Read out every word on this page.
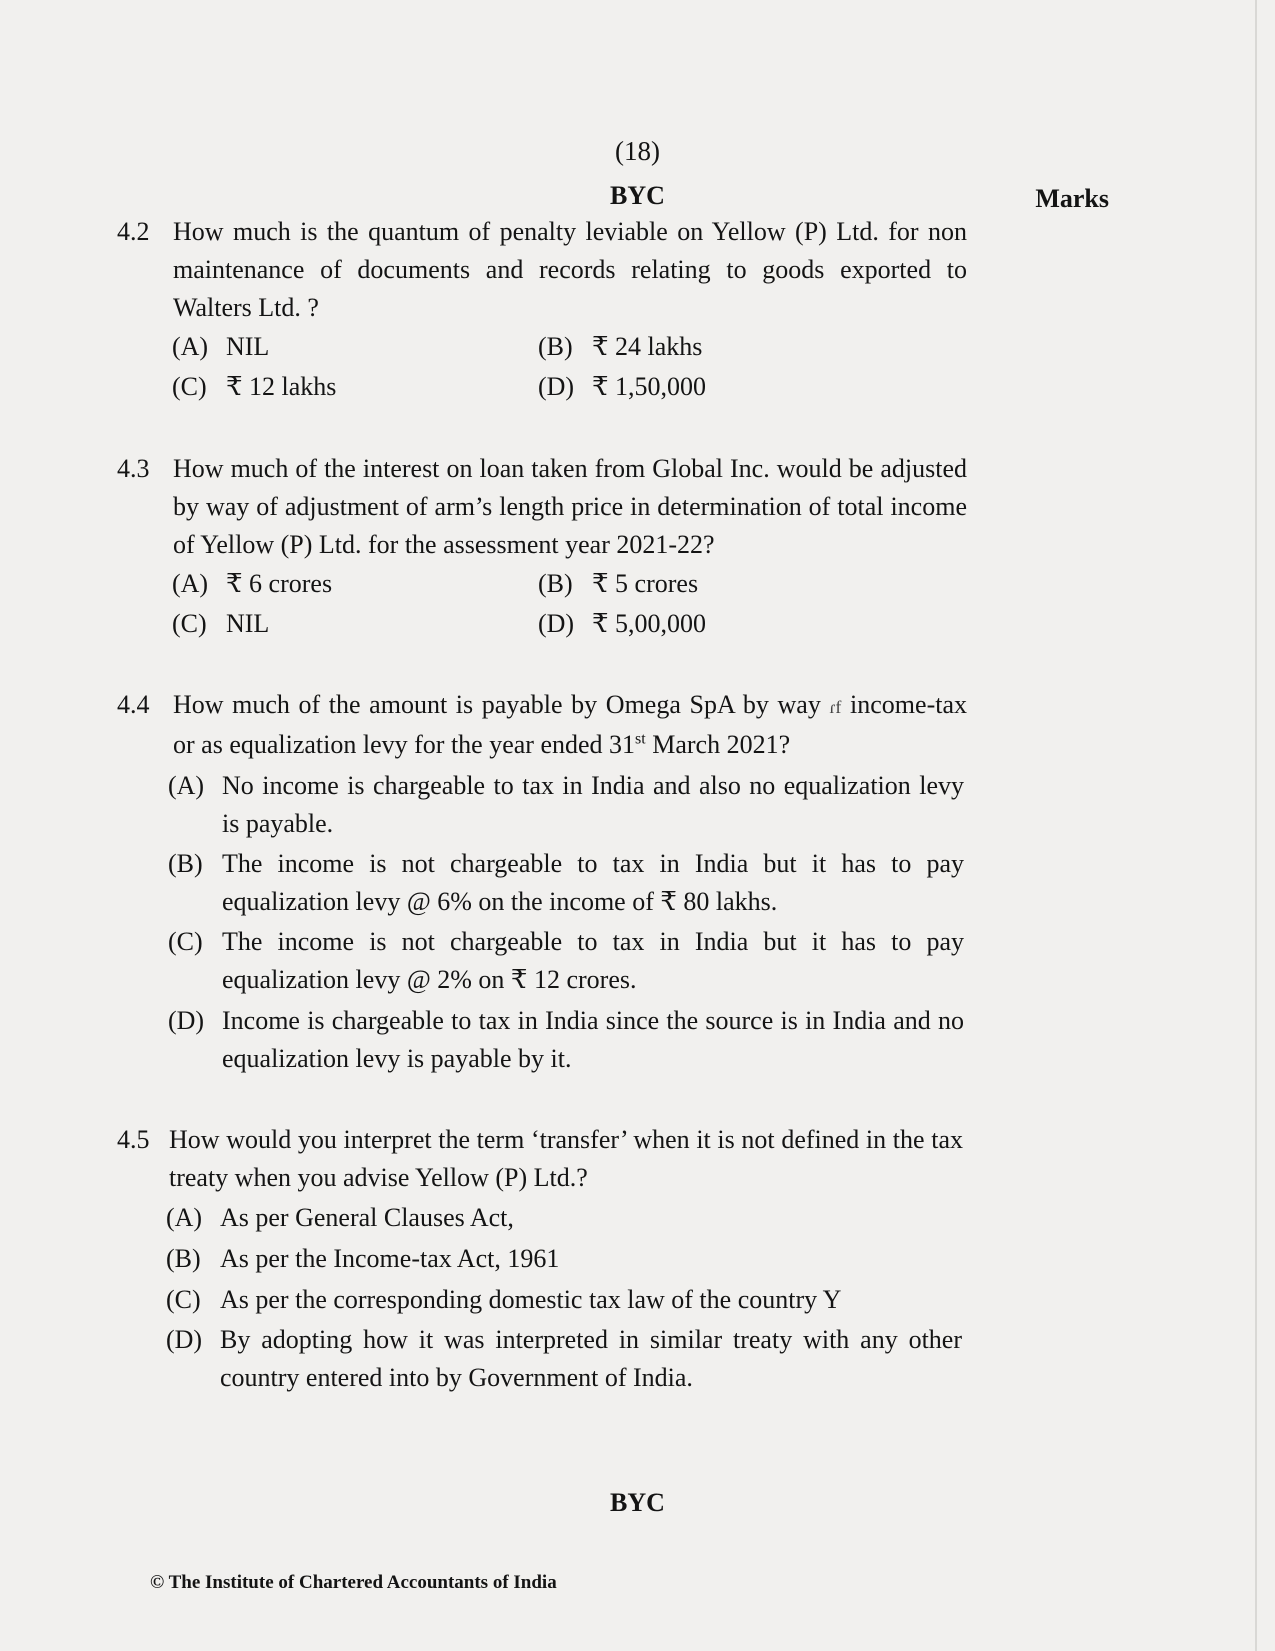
(18)
BYC	Marks
4.2 How much is the quantum of penalty leviable on Yellow (P) Ltd. for non maintenance of documents and records relating to goods exported to Walters Ltd. ?
(A) NIL	(B) ₹ 24 lakhs
(C) ₹ 12 lakhs	(D) ₹ 1,50,000
4.3 How much of the interest on loan taken from Global Inc. would be adjusted by way of adjustment of arm’s length price in determination of total income of Yellow (P) Ltd. for the assessment year 2021-22?
(A) ₹ 6 crores	(B) ₹ 5 crores
(C) NIL	(D) ₹ 5,00,000
4.4 How much of the amount is payable by Omega SpA by way ɾf income-tax or as equalization levy for the year ended 31st March 2021?
(A) No income is chargeable to tax in India and also no equalization levy is payable.
(B) The income is not chargeable to tax in India but it has to pay equalization levy @ 6% on the income of ₹ 80 lakhs.
(C) The income is not chargeable to tax in India but it has to pay equalization levy @ 2% on ₹ 12 crores.
(D) Income is chargeable to tax in India since the source is in India and no equalization levy is payable by it.
4.5 How would you interpret the term ‘transfer’ when it is not defined in the tax treaty when you advise Yellow (P) Ltd.?
(A) As per General Clauses Act,
(B) As per the Income-tax Act, 1961
(C) As per the corresponding domestic tax law of the country Y
(D) By adopting how it was interpreted in similar treaty with any other country entered into by Government of India.
BYC
© The Institute of Chartered Accountants of India
